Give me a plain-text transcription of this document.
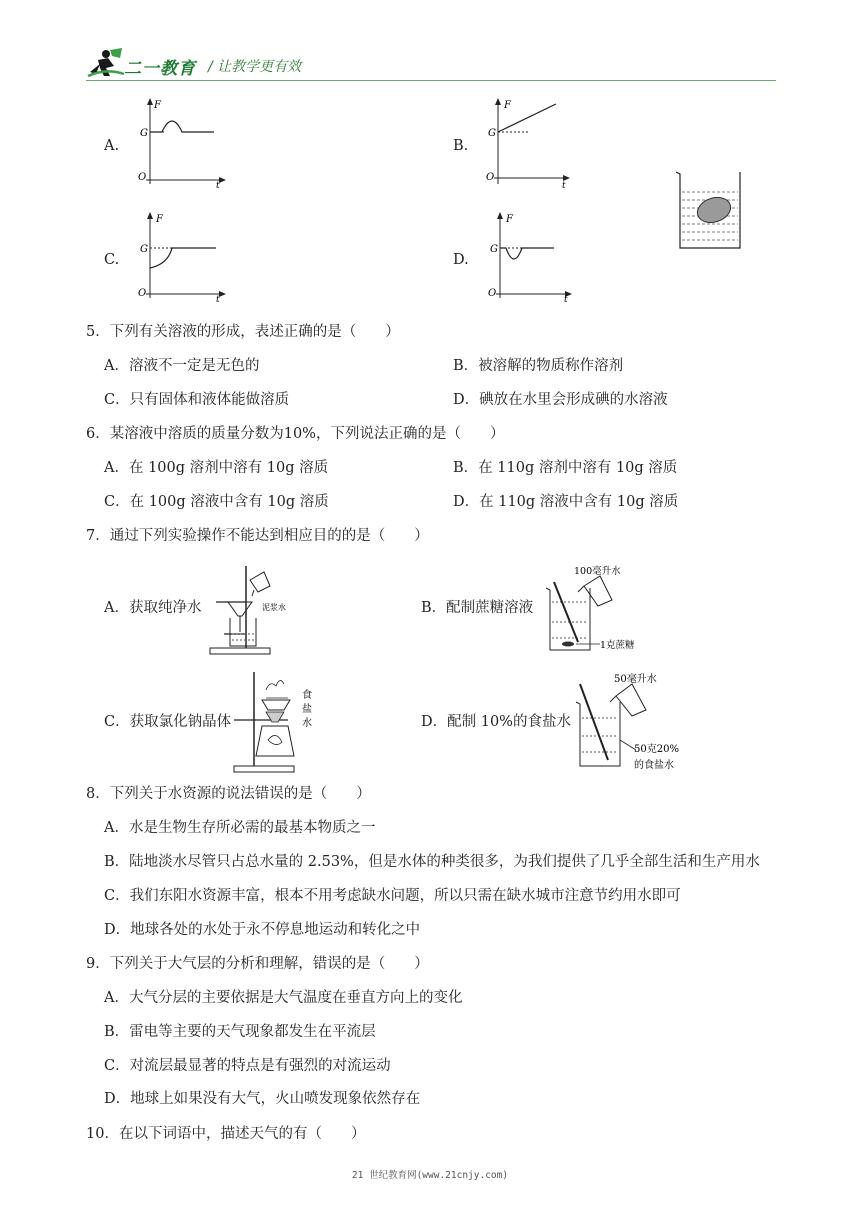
二一教育 / 让教学更有效
A.
F
G
O
t
B.
F
G
O
t
C.
F
G
O
t
D.
F
G
O
t
5．下列有关溶液的形成，表述正确的是（　　）
A．溶液不一定是无色的	B．被溶解的物质称作溶剂
C．只有固体和液体能做溶质	D．碘放在水里会形成碘的水溶液
6．某溶液中溶质的质量分数为10%，下列说法正确的是（　　）
A．在 100g 溶剂中溶有 10g 溶质	B．在 110g 溶剂中溶有 10g 溶质
C．在 100g 溶液中含有 10g 溶质	D．在 110g 溶液中含有 10g 溶质
7．通过下列实验操作不能达到相应目的的是（　　）
A．获取纯净水	泥浆水	B．配制蔗糖溶液
100毫升水
1克蔗糖
C．获取氯化钠晶体
食
盐
水	D．配制 10%的食盐水
50毫升水
50克20%
的食盐水
8．下列关于水资源的说法错误的是（　　）
A．水是生物生存所必需的最基本物质之一
B．陆地淡水尽管只占总水量的 2.53%，但是水体的种类很多，为我们提供了几乎全部生活和生产用水
C．我们东阳水资源丰富，根本不用考虑缺水问题，所以只需在缺水城市注意节约用水即可
D．地球各处的水处于永不停息地运动和转化之中
9．下列关于大气层的分析和理解，错误的是（　　）
A．大气分层的主要依据是大气温度在垂直方向上的变化
B．雷电等主要的天气现象都发生在平流层
C．对流层最显著的特点是有强烈的对流运动
D．地球上如果没有大气，火山喷发现象依然存在
10．在以下词语中，描述天气的有（　　）
21 世纪教育网(www.21cnjy.com)
